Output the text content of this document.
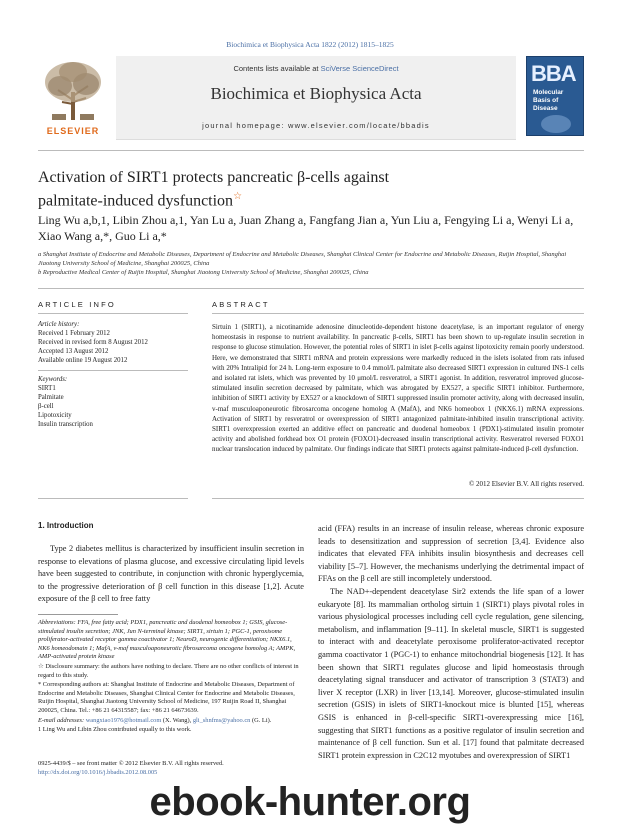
Biochimica et Biophysica Acta 1822 (2012) 1815–1825
ELSEVIER
Contents lists available at SciVerse ScienceDirect
Biochimica et Biophysica Acta
journal homepage: www.elsevier.com/locate/bbadis
BBA
Molecular Basis of Disease
Activation of SIRT1 protects pancreatic β-cells against
palmitate-induced dysfunction☆
Ling Wu a,b,1, Libin Zhou a,1, Yan Lu a, Juan Zhang a, Fangfang Jian a, Yun Liu a, Fengying Li a, Wenyi Li a,
Xiao Wang a,*, Guo Li a,*
a Shanghai Institute of Endocrine and Metabolic Diseases, Department of Endocrine and Metabolic Diseases, Shanghai Clinical Center for Endocrine and Metabolic Diseases, Ruijin Hospital, Shanghai Jiaotong University School of Medicine, Shanghai 200025, China
b Reproductive Medical Center of Ruijin Hospital, Shanghai Jiaotong University School of Medicine, Shanghai 200025, China
ARTICLE INFO	ABSTRACT
Article history:
Received 1 February 2012
Received in revised form 8 August 2012
Accepted 13 August 2012
Available online 19 August 2012
Keywords:
SIRT1
Palmitate
β-cell
Lipotoxicity
Insulin transcription
Sirtuin 1 (SIRT1), a nicotinamide adenosine dinucleotide-dependent histone deacetylase, is an important regulator of energy homeostasis in response to nutrient availability. In pancreatic β-cells, SIRT1 has been shown to up-regulate insulin secretion in response to glucose stimulation. However, the potential roles of SIRT1 in islet β-cells against lipotoxicity remain poorly understood. Here, we demonstrated that SIRT1 mRNA and protein expressions were markedly reduced in the islets isolated from rats infused with 20% Intralipid for 24 h. Long-term exposure to 0.4 mmol/L palmitate also decreased SIRT1 expression in cultured INS-1 cells and isolated rat islets, which was prevented by 10 μmol/L resveratrol, a SIRT1 agonist. In addition, resveratrol improved glucose-stimulated insulin secretion decreased by palmitate, which was abrogated by EX527, a specific SIRT1 inhibitor. Furthermore, inhibition of SIRT1 activity by EX527 or a knockdown of SIRT1 suppressed insulin promoter activity, along with decreased insulin, v-maf musculoaponeurotic fibrosarcoma oncogene homolog A (MafA), and NK6 homeobox 1 (NKX6.1) mRNA expressions. Activation of SIRT1 by resveratrol or overexpression of SIRT1 antagonized palmitate-inhibited insulin transcriptional activity. SIRT1 overexpression exerted an additive effect on pancreatic and duodenal homeobox 1 (PDX1)-stimulated insulin promoter activity and abolished forkhead box O1 protein (FOXO1)-decreased insulin transcriptional activity. Resveratrol reversed FOXO1 nuclear translocation induced by palmitate. Our findings indicate that SIRT1 protects against palmitate-induced β-cell dysfunction.
© 2012 Elsevier B.V. All rights reserved.
1. Introduction
Type 2 diabetes mellitus is characterized by insufficient insulin secretion in response to elevations of plasma glucose, and excessive circulating lipid levels have been suggested to contribute, in conjunction with chronic hyperglycemia, to the progressive deterioration of β cell function in this disease [1,2]. Acute exposure of the β cell to free fatty

acid (FFA) results in an increase of insulin release, whereas chronic exposure leads to desensitization and suppression of secretion [3,4]. Evidence also indicates that elevated FFA inhibits insulin biosynthesis and decreases cell viability [5–7]. However, the mechanisms underlying the detrimental impact of FFAs on the β cell are still incompletely understood.

The NAD+-dependent deacetylase Sir2 extends the life span of a lower eukaryote [8]. Its mammalian ortholog sirtuin 1 (SIRT1) plays pivotal roles in various physiological processes including cell cycle regulation, gene silencing, metabolism, and inflammation [9–11]. In skeletal muscle, SIRT1 is suggested to interact with and deacetylate peroxisome proliferator-activated receptor gamma coactivator 1 (PGC-1) to enhance mitochondrial biogenesis [12]. It has been shown that SIRT1 regulates glucose and lipid homeostasis through deacetylating signal transducer and activator of transcription 3 (STAT3) and liver X receptor (LXR) in liver [13,14]. Moreover, glucose-stimulated insulin secretion (GSIS) in islets of SIRT1-knockout mice is blunted [15], whereas GSIS is enhanced in β-cell-specific SIRT1-overexpressing mice [16], suggesting that SIRT1 functions as a positive regulator of insulin secretion and maintenance of β cell function. Sun et al. [17] found that palmitate decreased SIRT1 protein expression in C2C12 myotubes and overexpression of SIRT1

Abbreviations: FFA, free fatty acid; PDX1, pancreatic and duodenal homeobox 1; GSIS, glucose-stimulated insulin secretion; JNK, Jun N-terminal kinase; SIRT1, sirtuin 1; PGC-1, peroxisome proliferator-activated receptor gamma coactivator 1; NeuroD, neurogenic differentiation; NKX6.1, NK6 homeodomain 1; MafA, v-maf musculoaponeurotic fibrosarcoma oncogene homolog A; AMPK, AMP-activated protein kinase

☆ Disclosure summary: the authors have nothing to declare. There are no other conflicts of interest in regard to this study.

* Corresponding authors at: Shanghai Institute of Endocrine and Metabolic Diseases, Department of Endocrine and Metabolic Diseases, Shanghai Clinical Center for Endocrine and Metabolic Diseases, Ruijin Hospital, Shanghai Jiaotong University School of Medicine, 197 Ruijin Road II, Shanghai 200025, China. Tel.: +86 21 64315587; fax: +86 21 64673639.

E-mail addresses: wangxiao1976@hotmail.com (X. Wang), gli_shnfms@yahoo.cn (G. Li).

1 Ling Wu and Libin Zhou contributed equally to this work.

0925-4439/$ – see front matter © 2012 Elsevier B.V. All rights reserved.
http://dx.doi.org/10.1016/j.bbadis.2012.08.005
ebook-hunter.org
